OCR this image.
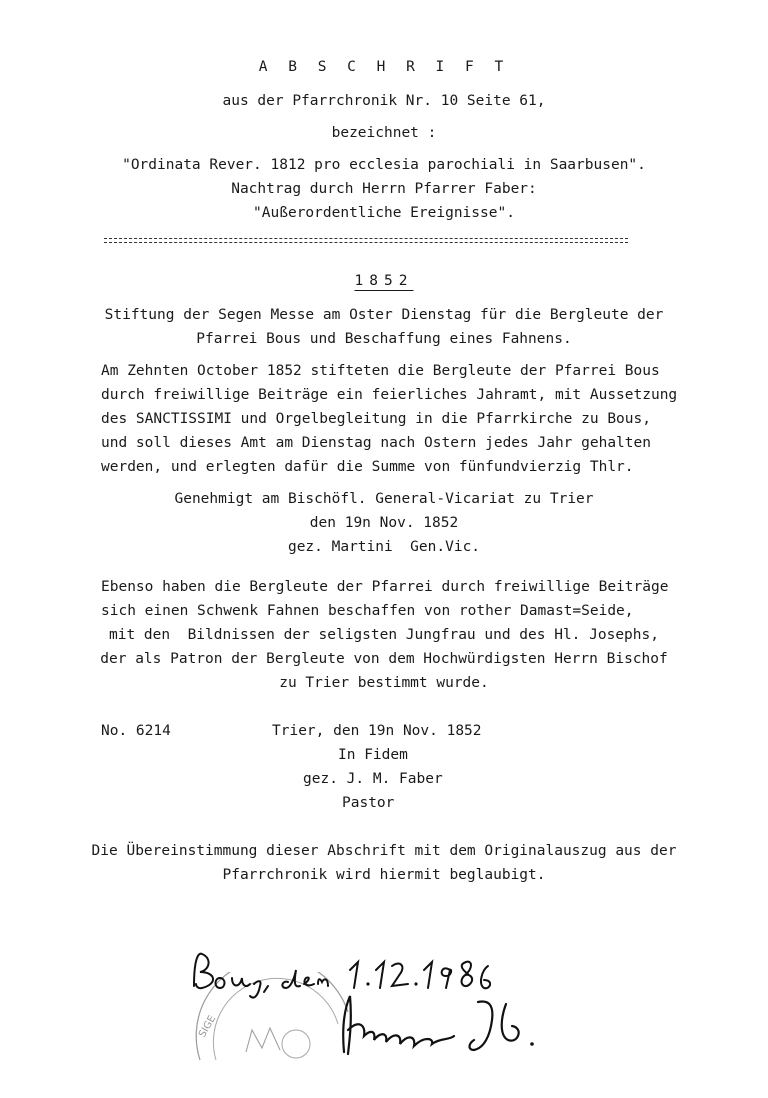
A B S C H R I F T
aus der Pfarrchronik Nr. 10 Seite 61,
bezeichnet :
"Ordinata Rever. 1812 pro ecclesia parochiali in Saarbusen".
Nachtrag durch Herrn Pfarrer Faber:
"Außerordentliche Ereignisse".
1852
Stiftung der Segen Messe am Oster Dienstag für die Bergleute der
Pfarrei Bous und Beschaffung eines Fahnens.
Am Zehnten October 1852 stifteten die Bergleute der Pfarrei Bous
durch freiwillige Beiträge ein feierliches Jahramt, mit Aussetzung
des SANCTISSIMI und Orgelbegleitung in die Pfarrkirche zu Bous,
und soll dieses Amt am Dienstag nach Ostern jedes Jahr gehalten
werden, und erlegten dafür die Summe von fünfundvierzig Thlr.
Genehmigt am Bischöfl. General-Vicariat zu Trier
den 19n Nov. 1852
gez. Martini  Gen.Vic.
Ebenso haben die Bergleute der Pfarrei durch freiwillige Beiträge
sich einen Schwenk Fahnen beschaffen von rother Damast=Seide,
mit den  Bildnissen der seligsten Jungfrau und des Hl. Josephs,
der als Patron der Bergleute von dem Hochwürdigsten Herrn Bischof
zu Trier bestimmt wurde.
No. 6214	Trier, den 19n Nov. 1852
In Fidem
gez. J. M. Faber
Pastor
Die Übereinstimmung dieser Abschrift mit dem Originalauszug aus der
Pfarrchronik wird hiermit beglaubigt.
SIGE
